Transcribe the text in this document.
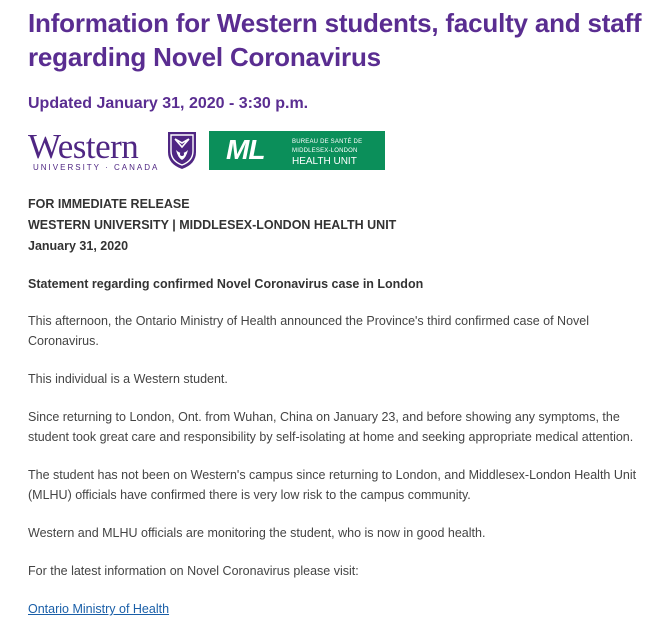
Information for Western students, faculty and staff regarding Novel Coronavirus
Updated January 31, 2020 - 3:30 p.m.
Western
UNIVERSITY · CANADA
ML	BUREAU DE SANTÉ DE
MIDDLESEX-LONDON
HEALTH UNIT
FOR IMMEDIATE RELEASE
WESTERN UNIVERSITY | MIDDLESEX-LONDON HEALTH UNIT
January 31, 2020
Statement regarding confirmed Novel Coronavirus case in London

This afternoon, the Ontario Ministry of Health announced the Province's third confirmed case of Novel Coronavirus.

This individual is a Western student.

Since returning to London, Ont. from Wuhan, China on January 23, and before showing any symptoms, the student took great care and responsibility by self-isolating at home and seeking appropriate medical attention.

The student has not been on Western's campus since returning to London, and Middlesex-London Health Unit (MLHU) officials have confirmed there is very low risk to the campus community.

Western and MLHU officials are monitoring the student, who is now in good health.

For the latest information on Novel Coronavirus please visit:

Ontario Ministry of Health
